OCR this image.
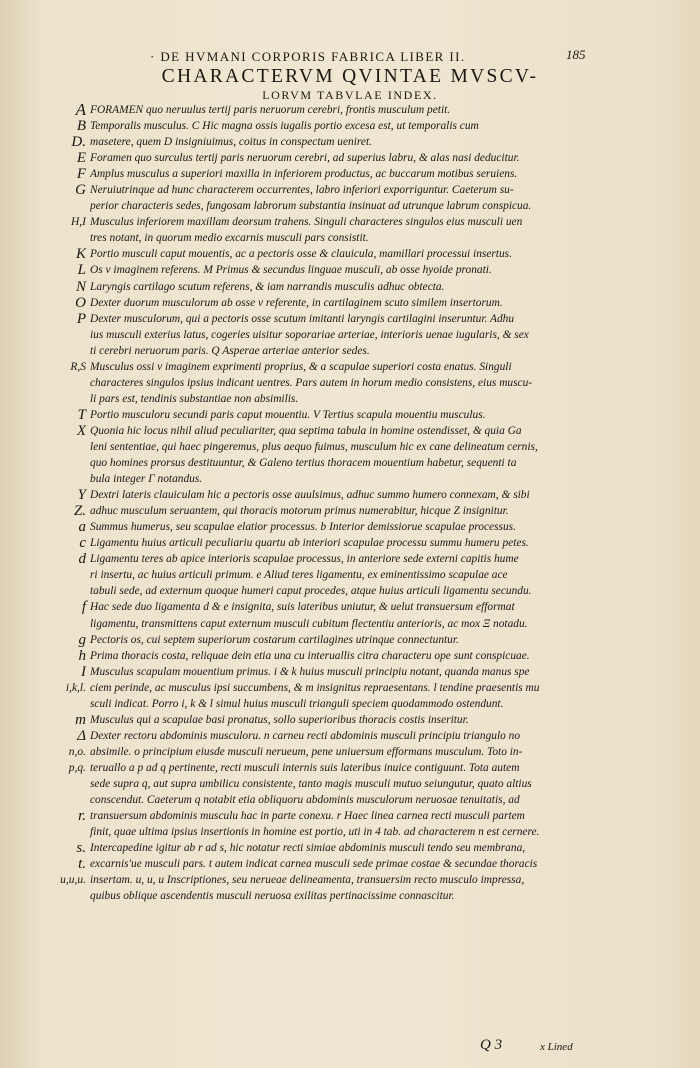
· DE HVMANI CORPORIS FABRICA LIBER II.	185
CHARACTERVM QVINTAE MVSCV-
LORVM TABVLAE INDEX.
A FORAMEN quo neruulus tertij paris neruorum cerebri, frontis musculum petit.
B Temporalis musculus. C Hic magna ossis iugalis portio excesa est, ut temporalis cum
D. masetere, quem D insigniuimus, coitus in conspectum ueniret.
E Foramen quo surculus tertij paris neruorum cerebri, ad superius labru, & alas nasi deducitur.
F Amplus musculus a superiori maxilla in inferiorem productus, ac buccarum motibus seruiens.
G Neruiutrinque ad hunc characterem occurrentes, labro inferiori exporriguntur. Caeterum su-
perior characteris sedes, fungosam labrorum substantia insinuat ad utrunque labrum conspicua.
H,I Musculus inferiorem maxillam deorsum trahens. Singuli characteres singulos eius musculi uen
tres notant, in quorum medio excarnis musculi pars consistit.
K Portio musculi caput mouentis, ac a pectoris osse & clauicula, mamillari processui insertus.
L Os v imaginem referens. M Primus & secundus linguae musculi, ab osse hyoide pronati.
N Laryngis cartilago scutum referens, & iam narrandis musculis adhuc obtecta.
O Dexter duorum musculorum ab osse v referente, in cartilaginem scuto similem insertorum.
P Dexter musculorum, qui a pectoris osse scutum imitanti laryngis cartilagini inseruntur. Adhu
ius musculi exterius latus, cogeries uisitur soporariae arteriae, interioris uenae iugularis, & sex
ti cerebri neruorum paris. Q Asperae arteriae anterior sedes.
R,S Musculus ossi v imaginem exprimenti proprius, & a scapulae superiori costa enatus. Singuli
characteres singulos ipsius indicant uentres. Pars autem in horum medio consistens, eius muscu-
li pars est, tendinis substantiae non absimilis.
T Portio musculoru secundi paris caput mouentiu. V Tertius scapula mouentiu musculus.
X Quonia hic locus nihil aliud peculiariter, qua septima tabula in homine ostendisset, & quia Ga
leni sententiae, qui haec pingeremus, plus aequo fuimus, musculum hic ex cane delineatum cernis,
quo homines prorsus destituuntur, & Galeno tertius thoracem mouentium habetur, sequenti ta
bula integer Γ notandus.
Y Dextri lateris clauiculam hic a pectoris osse auulsimus, adhuc summo humero connexam, & sibi
Z. adhuc musculum seruantem, qui thoracis motorum primus numerabitur, hicque Z insignitur.
a Summus humerus, seu scapulae elatior processus. b Interior demissiorue scapulae processus.
c Ligamentu huius articuli peculiariu quartu ab interiori scapulae processu summu humeru petes.
d Ligamentu teres ab apice interioris scapulae processus, in anteriore sede externi capitis hume
ri insertu, ac huius articuli primum. e Aliud teres ligamentu, ex eminentissimo scapulae ace
tabuli sede, ad externum quoque humeri caput procedes, atque huius articuli ligamentu secundu.
f Hac sede duo ligamenta d & e insignita, suis lateribus uniutur, & uelut transuersum efformat
ligamentu, transmittens caput externum musculi cubitum flectentiu anterioris, ac mox Ξ notadu.
g Pectoris os, cui septem superiorum costarum cartilagines utrinque connectuntur.
h Prima thoracis costa, reliquae dein etia una cu interuallis citra characteru ope sunt conspicuae.
I Musculus scapulam mouentium primus. i & k huius musculi principiu notant, quanda manus spe
i,k,l. ciem perinde, ac musculus ipsi succumbens, & m insignitus repraesentans. l tendine praesentis mu
sculi indicat. Porro i, k & l simul huius musculi trianguli speciem quodammodo ostendunt.
m Musculus qui a scapulae basi pronatus, sollo superioribus thoracis costis inseritur.
Δ Dexter rectoru abdominis musculoru. n carneu recti abdominis musculi principiu triangulo no
n,o. absimile. o principium eiusde musculi nerueum, pene uniuersum efformans musculum. Toto in-
p,q. teruallo a p ad q pertinente, recti musculi internis suis lateribus inuice contiguunt. Tota autem
sede supra q, aut supra umbilicu consistente, tanto magis musculi mutuo seiungutur, quato altius
conscendut. Caeterum q notabit etia obliquoru abdominis musculorum neruosae tenuitatis, ad
r. transuersum abdominis musculu hac in parte conexu. r Haec linea carnea recti musculi partem
finit, quae ultima ipsius insertionis in homine est portio, uti in 4 tab. ad characterem n est cernere.
s. Intercapedine igitur ab r ad s, hic notatur recti simiae abdominis musculi tendo seu membrana,
t. excarnis'ue musculi pars. t autem indicat carnea musculi sede primae costae & secundae thoracis
u,u,u. insertam. u, u, u Inscriptiones, seu nerueae delineamenta, transuersim recto musculo impressa,
quibus oblique ascendentis musculi neruosa exilitas pertinacissime connascitur.
Q 3	x Lined
